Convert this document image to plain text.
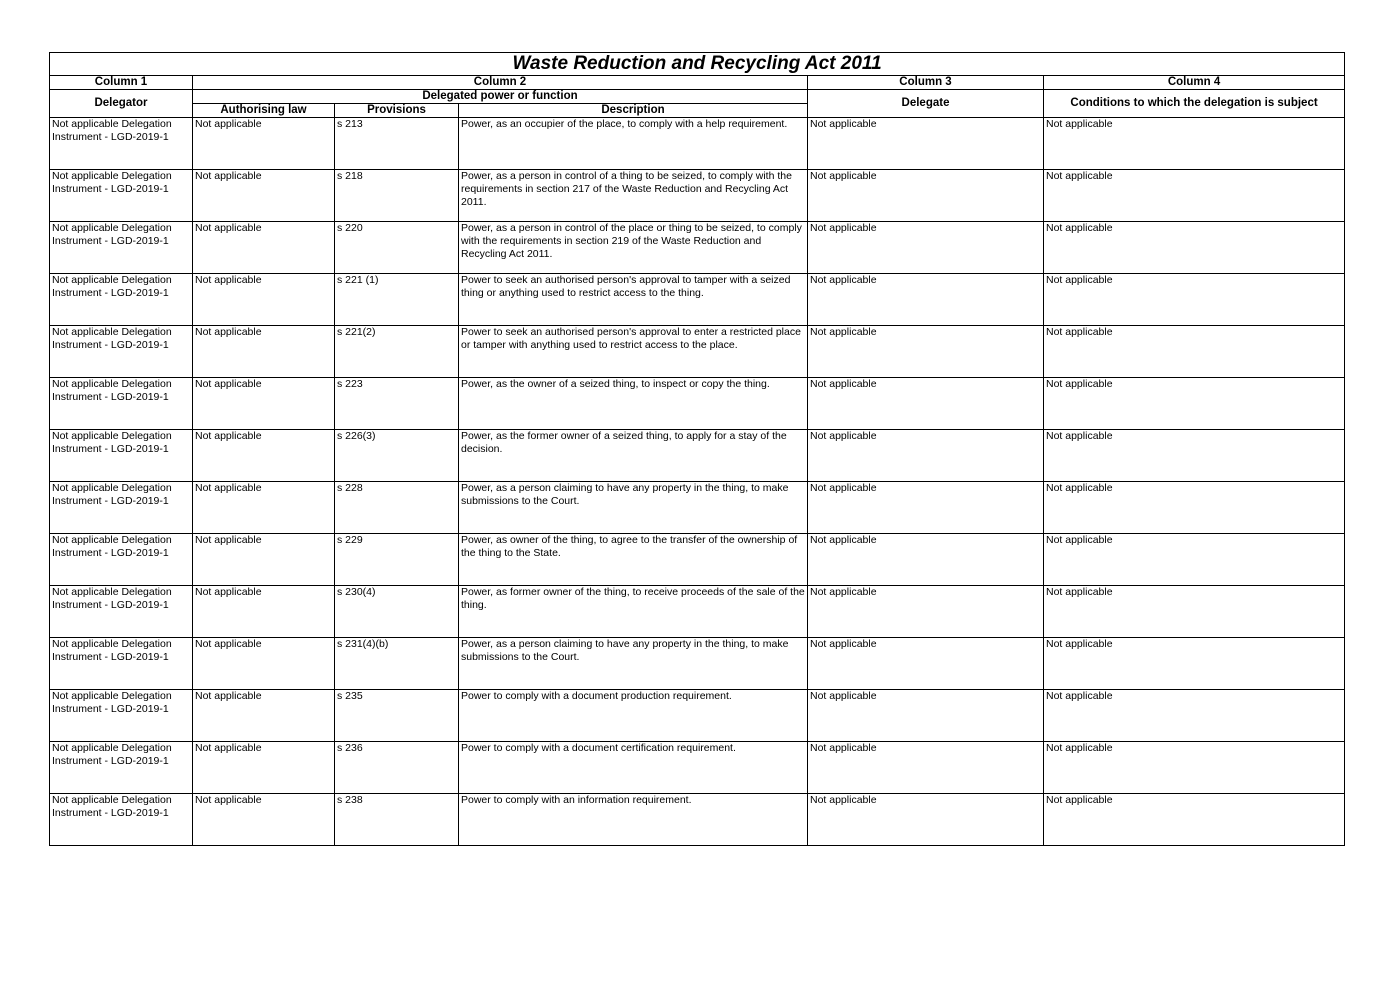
Waste Reduction and Recycling Act 2011					
Column 1	Column 2			Column 3	Column 4
Delegator	Delegated power or function			Delegate	Conditions to which the delegation is subject
	Authorising law	Provisions	Description		
Not applicable Delegation Instrument - LGD-2019-1	Not applicable	s 213	Power, as an occupier of the place, to comply with a help requirement.	Not applicable	Not applicable
Not applicable Delegation Instrument - LGD-2019-1	Not applicable	s 218	Power, as a person in control of a thing to be seized, to comply with the requirements in section 217 of the Waste Reduction and Recycling Act 2011.	Not applicable	Not applicable
Not applicable Delegation Instrument - LGD-2019-1	Not applicable	s 220	Power, as a person in control of the place or thing to be seized, to comply with the requirements in section 219 of the Waste Reduction and Recycling Act 2011.	Not applicable	Not applicable
Not applicable Delegation Instrument - LGD-2019-1	Not applicable	s 221 (1)	Power to seek an authorised person's approval to tamper with a seized thing or anything used to restrict access to the thing.	Not applicable	Not applicable
Not applicable Delegation Instrument - LGD-2019-1	Not applicable	s 221(2)	Power to seek an authorised person's approval to enter a restricted place or tamper with anything used to restrict access to the place.	Not applicable	Not applicable
Not applicable Delegation Instrument - LGD-2019-1	Not applicable	s 223	Power, as the owner of a seized thing, to inspect or copy the thing.	Not applicable	Not applicable
Not applicable Delegation Instrument - LGD-2019-1	Not applicable	s 226(3)	Power, as the former owner of a seized thing, to apply for a stay of the decision.	Not applicable	Not applicable
Not applicable Delegation Instrument - LGD-2019-1	Not applicable	s 228	Power, as a person claiming to have any property in the thing, to make submissions to the Court.	Not applicable	Not applicable
Not applicable Delegation Instrument - LGD-2019-1	Not applicable	s 229	Power, as owner of the thing, to agree to the transfer of the ownership of the thing to the State.	Not applicable	Not applicable
Not applicable Delegation Instrument - LGD-2019-1	Not applicable	s 230(4)	Power, as former owner of the thing, to receive proceeds of the sale of the thing.	Not applicable	Not applicable
Not applicable Delegation Instrument - LGD-2019-1	Not applicable	s 231(4)(b)	Power, as a person claiming to have any property in the thing, to make submissions to the Court.	Not applicable	Not applicable
Not applicable Delegation Instrument - LGD-2019-1	Not applicable	s 235	Power to comply with a document production requirement.	Not applicable	Not applicable
Not applicable Delegation Instrument - LGD-2019-1	Not applicable	s 236	Power to comply with a document certification requirement.	Not applicable	Not applicable
Not applicable Delegation Instrument - LGD-2019-1	Not applicable	s 238	Power to comply with an information requirement.	Not applicable	Not applicable
